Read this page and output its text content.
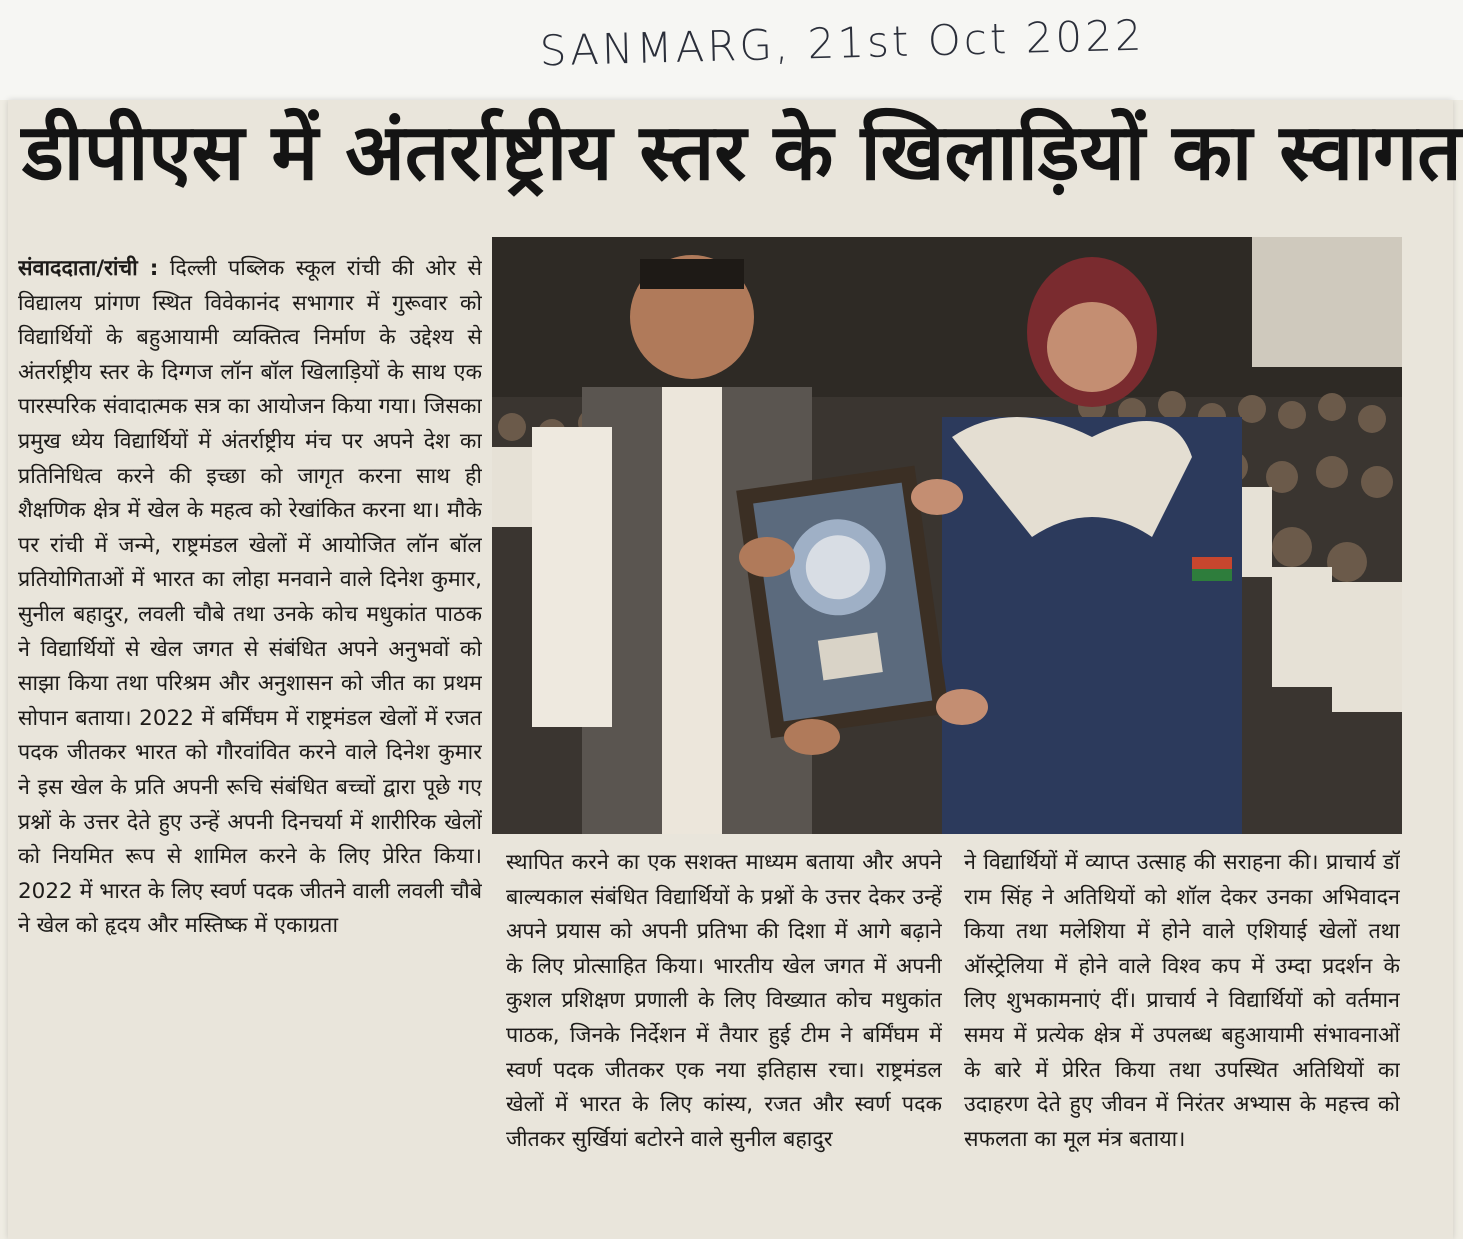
SANMARG, 21st Oct 2022
डीपीएस में अंतर्राष्ट्रीय स्तर के खिलाड़ियों का स्वागत
संवाददाता/रांची : दिल्ली पब्लिक स्कूल रांची की ओर से विद्यालय प्रांगण स्थित विवेकानंद सभागार में गुरूवार को विद्यार्थियों के बहुआयामी व्यक्तित्व निर्माण के उद्देश्य से अंतर्राष्ट्रीय स्तर के दिग्गज लॉन बॉल खिलाड़ियों के साथ एक पारस्परिक संवादात्मक सत्र का आयोजन किया गया। जिसका प्रमुख ध्येय विद्यार्थियों में अंतर्राष्ट्रीय मंच पर अपने देश का प्रतिनिधित्व करने की इच्छा को जागृत करना साथ ही शैक्षणिक क्षेत्र में खेल के महत्व को रेखांकित करना था। मौके पर रांची में जन्मे, राष्ट्रमंडल खेलों में आयोजित लॉन बॉल प्रतियोगिताओं में भारत का लोहा मनवाने वाले दिनेश कुमार, सुनील बहादुर, लवली चौबे तथा उनके कोच मधुकांत पाठक ने विद्यार्थियों से खेल जगत से संबंधित अपने अनुभवों को साझा किया तथा परिश्रम और अनुशासन को जीत का प्रथम सोपान बताया। 2022 में बर्मिंघम में राष्ट्रमंडल खेलों में रजत पदक जीतकर भारत को गौरवांवित करने वाले दिनेश कुमार ने इस खेल के प्रति अपनी रूचि संबंधित बच्चों द्वारा पूछे गए प्रश्नों के उत्तर देते हुए उन्हें अपनी दिनचर्या में शारीरिक खेलों को नियमित रूप से शामिल करने के लिए प्रेरित किया। 2022 में भारत के लिए स्वर्ण पदक जीतने वाली लवली चौबे ने खेल को हृदय और मस्तिष्क में एकाग्रता
स्थापित करने का एक सशक्त माध्यम बताया और अपने बाल्यकाल संबंधित विद्यार्थियों के प्रश्नों के उत्तर देकर उन्हें अपने प्रयास को अपनी प्रतिभा की दिशा में आगे बढ़ाने के लिए प्रोत्साहित किया। भारतीय खेल जगत में अपनी कुशल प्रशिक्षण प्रणाली के लिए विख्यात कोच मधुकांत पाठक, जिनके निर्देशन में तैयार हुई टीम ने बर्मिंघम में स्वर्ण पदक जीतकर एक नया इतिहास रचा। राष्ट्रमंडल खेलों में भारत के लिए कांस्य, रजत और स्वर्ण पदक जीतकर सुर्खियां बटोरने वाले सुनील बहादुर
ने विद्यार्थियों में व्याप्त उत्साह की सराहना की। प्राचार्य डॉ राम सिंह ने अतिथियों को शॉल देकर उनका अभिवादन किया तथा मलेशिया में होने वाले एशियाई खेलों तथा ऑस्ट्रेलिया में होने वाले विश्व कप में उम्दा प्रदर्शन के लिए शुभकामनाएं दीं। प्राचार्य ने विद्यार्थियों को वर्तमान समय में प्रत्येक क्षेत्र में उपलब्ध बहुआयामी संभावनाओं के बारे में प्रेरित किया तथा उपस्थित अतिथियों का उदाहरण देते हुए जीवन में निरंतर अभ्यास के महत्त्व को सफलता का मूल मंत्र बताया।
